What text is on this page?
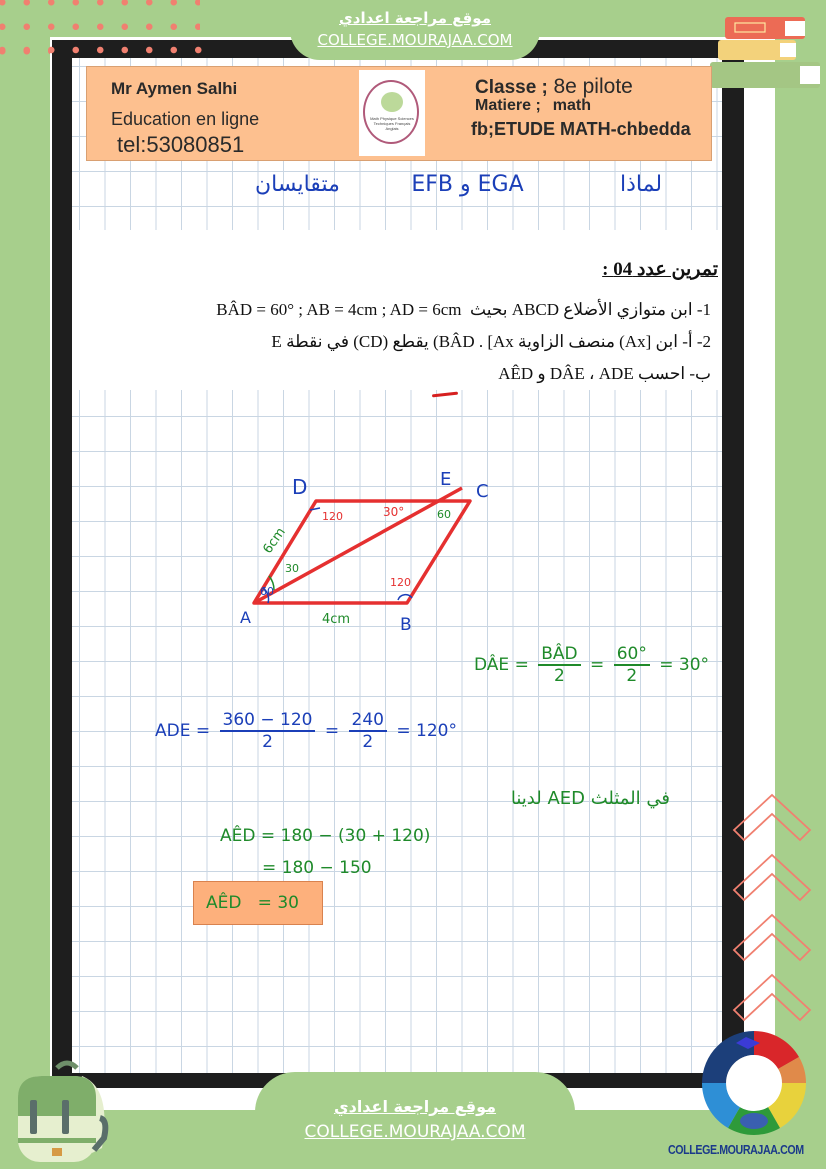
موقع مراجعة اعدادي
COLLEGE.MOURAJAA.COM
Mr Aymen Salhi
Education en ligne
tel:53080851
Math Physique Sciences Techniques Français Anglais
Classe ; 8e pilote
Matiere ; math
fb;ETUDE MATH-chbedda
لماذا
EGA و EFB
متقايسان
تمرين عدد 04 :
1- ابن متوازي الأضلاع ABCD بحيث  BÂD = 60° ; AB = 4cm ; AD = 6cm
2- أ- ابن [Ax) منصف الزاوية BÂD . [Ax) يقطع (CD) في نقطة E
ب- احسب DÂE ، ADE و AÊD
D	E
C
A	B
6cm
4cm
60
30
120
120
30°	60
DÂE = $\frac{\text{BÂD}}{2} = \frac{60^\circ}{2} = 30^\circ$
ADE = $\frac{360 - 120}{2} = \frac{240}{2} = 120^\circ$
في المثلث AED لدينا
AÊD = 180 − (30 + 120)
= 180 − 150
AÊD   = 30
موقع مراجعة اعدادي
COLLEGE.MOURAJAA.COM
COLLEGE.MOURAJAA.COM
